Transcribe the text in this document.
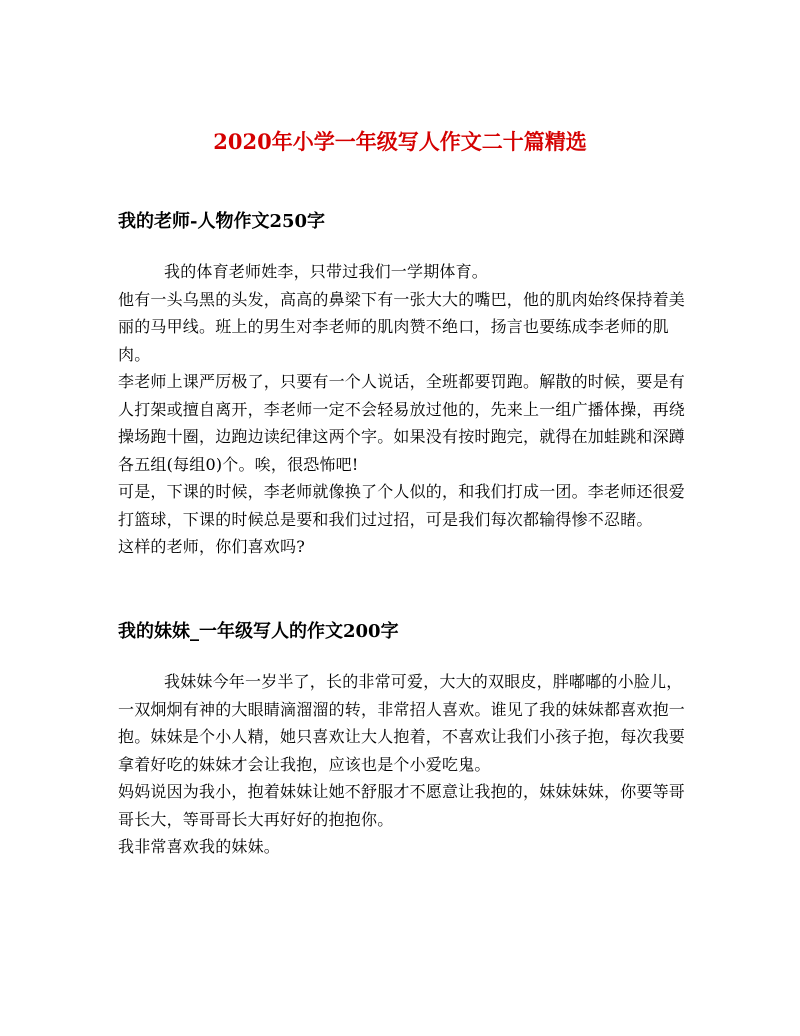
2020年小学一年级写人作文二十篇精选
我的老师-人物作文250字

我的体育老师姓李，只带过我们一学期体育。

他有一头乌黑的头发，高高的鼻梁下有一张大大的嘴巴，他的肌肉始终保持着美丽的马甲线。班上的男生对李老师的肌肉赞不绝口，扬言也要练成李老师的肌肉。

李老师上课严厉极了，只要有一个人说话，全班都要罚跑。解散的时候，要是有人打架或擅自离开，李老师一定不会轻易放过他的，先来上一组广播体操，再绕操场跑十圈，边跑边读纪律这两个字。如果没有按时跑完，就得在加蛙跳和深蹲各五组(每组0)个。唉，很恐怖吧!

可是，下课的时候，李老师就像换了个人似的，和我们打成一团。李老师还很爱打篮球，下课的时候总是要和我们过过招，可是我们每次都输得惨不忍睹。

这样的老师，你们喜欢吗?

我的妹妹_一年级写人的作文200字

我妹妹今年一岁半了，长的非常可爱，大大的双眼皮，胖嘟嘟的小脸儿，一双炯炯有神的大眼睛滴溜溜的转，非常招人喜欢。谁见了我的妹妹都喜欢抱一抱。妹妹是个小人精，她只喜欢让大人抱着，不喜欢让我们小孩子抱，每次我要拿着好吃的妹妹才会让我抱，应该也是个小爱吃鬼。

妈妈说因为我小，抱着妹妹让她不舒服才不愿意让我抱的，妹妹妹妹，你要等哥哥长大，等哥哥长大再好好的抱抱你。

我非常喜欢我的妹妹。
